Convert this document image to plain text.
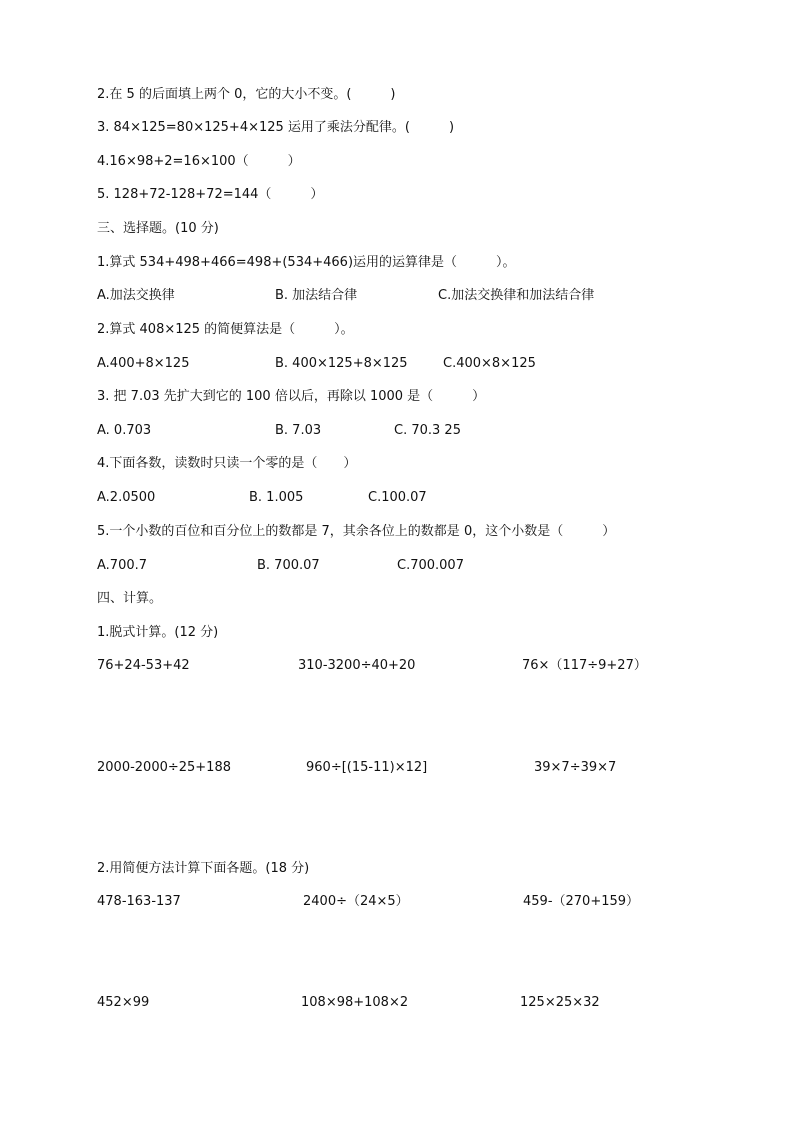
2.在 5 的后面填上两个 0，它的大小不变。(　　　)
3. 84×125=80×125+4×125 运用了乘法分配律。(　　　)
4.16×98+2=16×100（　　　）
5. 128+72-128+72=144（　　　）
三、选择题。(10 分)
1.算式 534+498+466=498+(534+466)运用的运算律是（　　　）。
A.加法交换律	B. 加法结合律	C.加法交换律和加法结合律
2.算式 408×125 的简便算法是（　　　）。
A.400+8×125	B. 400×125+8×125	C.400×8×125
3. 把 7.03 先扩大到它的 100 倍以后，再除以 1000 是（　　　）
A. 0.703	B. 7.03	C. 70.3 25
4.下面各数，读数时只读一个零的是（　　）
A.2.0500	B. 1.005	C.100.07
5.一个小数的百位和百分位上的数都是 7，其余各位上的数都是 0，这个小数是（　　　）
A.700.7	B. 700.07	C.700.007
四、计算。
1.脱式计算。(12 分)
76+24-53+42	310-3200÷40+20	76×（117÷9+27）
2000-2000÷25+188	960÷[(15-11)×12]	39×7÷39×7
2.用简便方法计算下面各题。(18 分)
478-163-137	2400÷（24×5）	459-（270+159）
452×99	108×98+108×2	125×25×32
